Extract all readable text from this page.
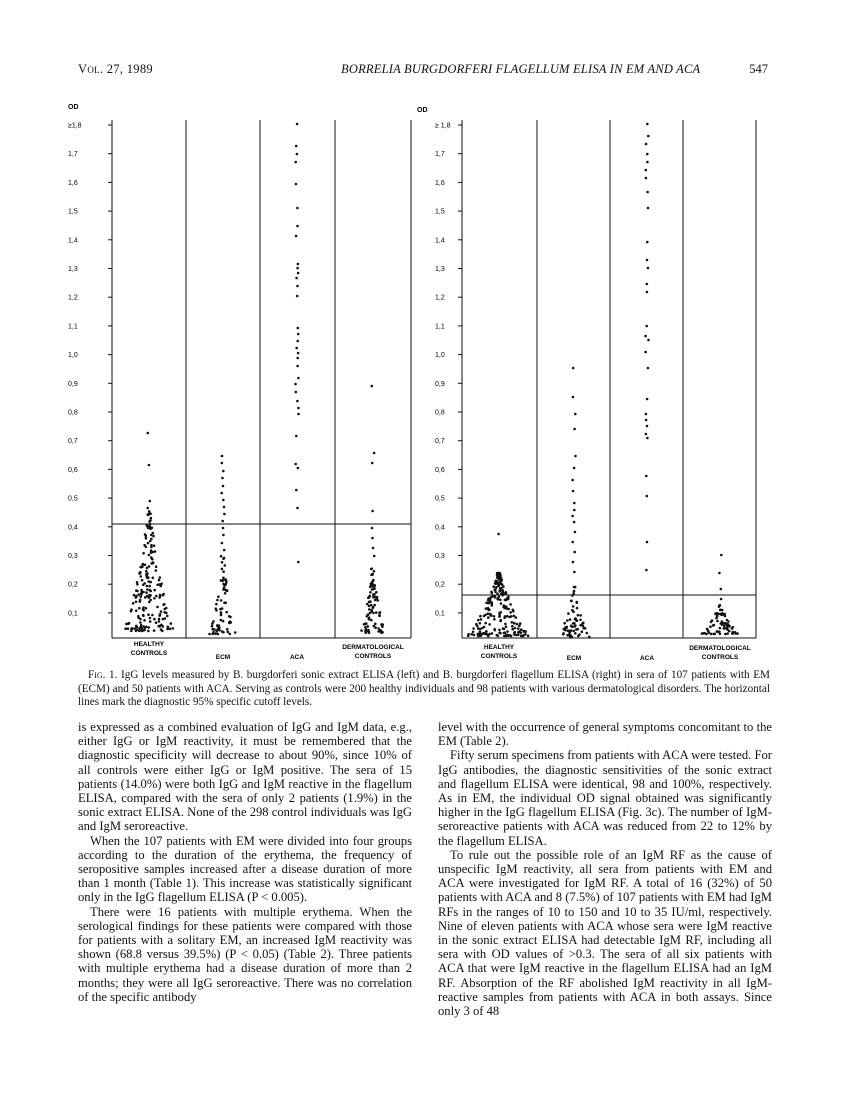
Vol. 27, 1989	BORRELIA BURGDORFERI FLAGELLUM ELISA IN EM AND ACA	547
OD
≥1,8
1,7
1,6
1,5
1,4
1,3
1,2
1,1
1,0
0,9
0,8
0,7
0,6
0,5
0,4
0,3
0,2
0,1
HEALTHY
CONTROLS
ECM	ACA
DERMATOLOGICAL
CONTROLS
OD
≥ 1,8
1,7
1,6
1,5
1,4
1,3
1,2
1,1
1,0
0,9
0,8
0,7
0,6
0,5
0,4
0,3
0,2
0,1
HEALTHY
CONTROLS	ECM	ACA
DERMATOLOGICAL
CONTROLS
Fig. 1. IgG levels measured by B. burgdorferi sonic extract ELISA (left) and B. burgdorferi flagellum ELISA (right) in sera of 107 patients with EM (ECM) and 50 patients with ACA. Serving as controls were 200 healthy individuals and 98 patients with various dermatological disorders. The horizontal lines mark the diagnostic 95% specific cutoff levels.

is expressed as a combined evaluation of IgG and IgM data, e.g., either IgG or IgM reactivity, it must be remembered that the diagnostic specificity will decrease to about 90%, since 10% of all controls were either IgG or IgM positive. The sera of 15 patients (14.0%) were both IgG and IgM reactive in the flagellum ELISA, compared with the sera of only 2 patients (1.9%) in the sonic extract ELISA. None of the 298 control individuals was IgG and IgM seroreactive.

When the 107 patients with EM were divided into four groups according to the duration of the erythema, the frequency of seropositive samples increased after a disease duration of more than 1 month (Table 1). This increase was statistically significant only in the IgG flagellum ELISA (P < 0.005).

There were 16 patients with multiple erythema. When the serological findings for these patients were compared with those for patients with a solitary EM, an increased IgM reactivity was shown (68.8 versus 39.5%) (P < 0.05) (Table 2). Three patients with multiple erythema had a disease duration of more than 2 months; they were all IgG seroreactive. There was no correlation of the specific antibody

level with the occurrence of general symptoms concomitant to the EM (Table 2).

Fifty serum specimens from patients with ACA were tested. For IgG antibodies, the diagnostic sensitivities of the sonic extract and flagellum ELISA were identical, 98 and 100%, respectively. As in EM, the individual OD signal obtained was significantly higher in the IgG flagellum ELISA (Fig. 3c). The number of IgM-seroreactive patients with ACA was reduced from 22 to 12% by the flagellum ELISA.

To rule out the possible role of an IgM RF as the cause of unspecific IgM reactivity, all sera from patients with EM and ACA were investigated for IgM RF. A total of 16 (32%) of 50 patients with ACA and 8 (7.5%) of 107 patients with EM had IgM RFs in the ranges of 10 to 150 and 10 to 35 IU/ml, respectively. Nine of eleven patients with ACA whose sera were IgM reactive in the sonic extract ELISA had detectable IgM RF, including all sera with OD values of >0.3. The sera of all six patients with ACA that were IgM reactive in the flagellum ELISA had an IgM RF. Absorption of the RF abolished IgM reactivity in all IgM-reactive samples from patients with ACA in both assays. Since only 3 of 48
